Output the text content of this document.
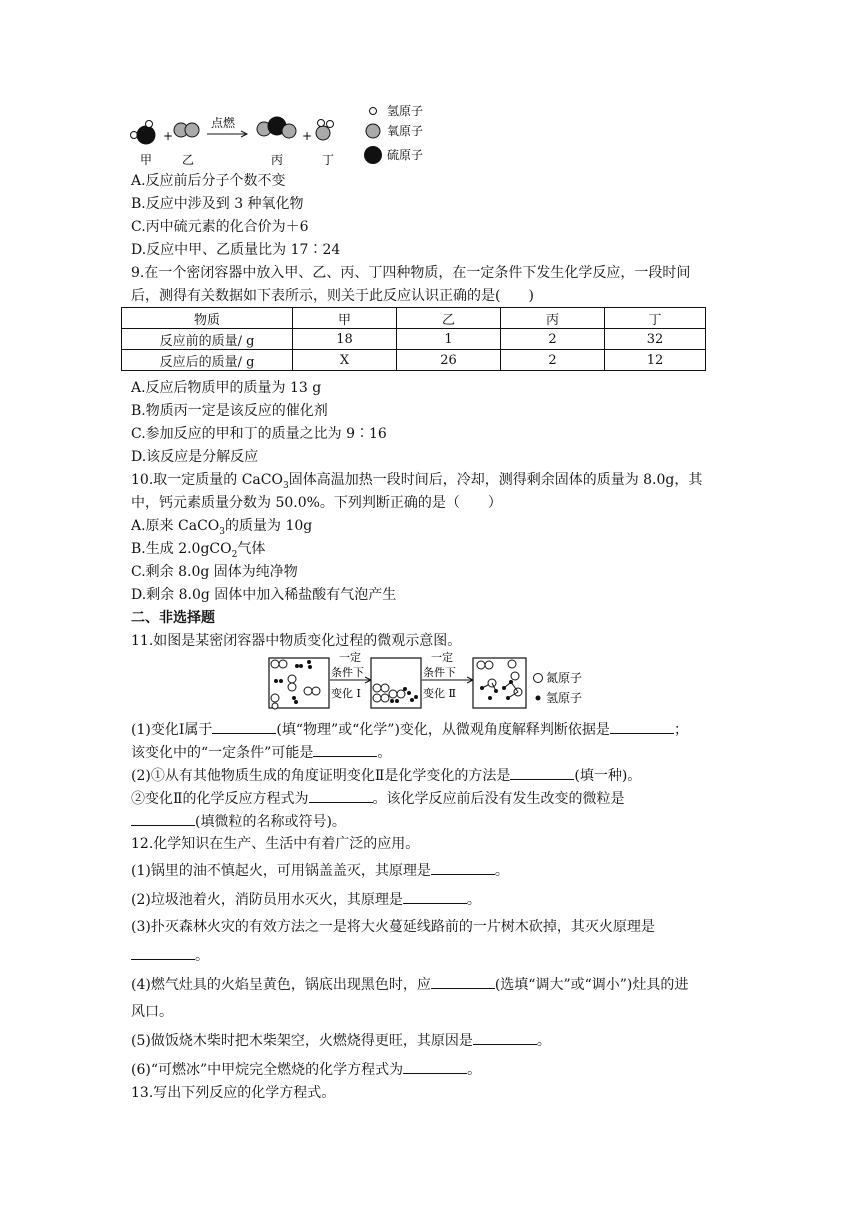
+
点燃
+
甲 乙	丙	丁
氢原子
氧原子
硫原子
A.反应前后分子个数不变
B.反应中涉及到 3 种氧化物
C.丙中硫元素的化合价为＋6
D.反应中甲、乙质量比为 17∶24
9.在一个密闭容器中放入甲、乙、丙、丁四种物质，在一定条件下发生化学反应，一段时间
后，测得有关数据如下表所示，则关于此反应认识正确的是(　　)
物质	甲	乙	丙	丁
反应前的质量/ g	18	1	2	32
反应后的质量/ g	X	26	2	12
A.反应后物质甲的质量为 13 g
B.物质丙一定是该反应的催化剂
C.参加反应的甲和丁的质量之比为 9∶16
D.该反应是分解反应
10.取一定质量的 CaCO$_3$固体高温加热一段时间后，冷却，测得剩余固体的质量为 8.0g，其
中，钙元素质量分数为 50.0%。下列判断正确的是（　　）
A.原来 CaCO$_3$的质量为 10g
B.生成 2.0gCO$_2$气体
C.剩余 8.0g 固体为纯净物
D.剩余 8.0g 固体中加入稀盐酸有气泡产生
二、非选择题
11.如图是某密闭容器中物质变化过程的微观示意图。
一定
条件下
变化 Ⅰ
一定
条件下
变化 Ⅱ
氮原子
氢原子
(1)变化Ⅰ属于	(填“物理”或“化学”)变化，从微观角度解释判断依据是	；
该变化中的“一定条件”可能是	。
(2)①从有其他物质生成的角度证明变化Ⅱ是化学变化的方法是	(填一种)。
②变化Ⅱ的化学反应方程式为	。该化学反应前后没有发生改变的微粒是
(填微粒的名称或符号)。
12.化学知识在生产、生活中有着广泛的应用。
(1)锅里的油不慎起火，可用锅盖盖灭，其原理是	。
(2)垃圾池着火，消防员用水灭火，其原理是	。
(3)扑灭森林火灾的有效方法之一是将大火蔓延线路前的一片树木砍掉，其灭火原理是
。
(4)燃气灶具的火焰呈黄色，锅底出现黑色时，应	(选填“调大”或“调小”)灶具的进
风口。
(5)做饭烧木柴时把木柴架空，火燃烧得更旺，其原因是	。
(6)“可燃冰”中甲烷完全燃烧的化学方程式为	。
13.写出下列反应的化学方程式。
